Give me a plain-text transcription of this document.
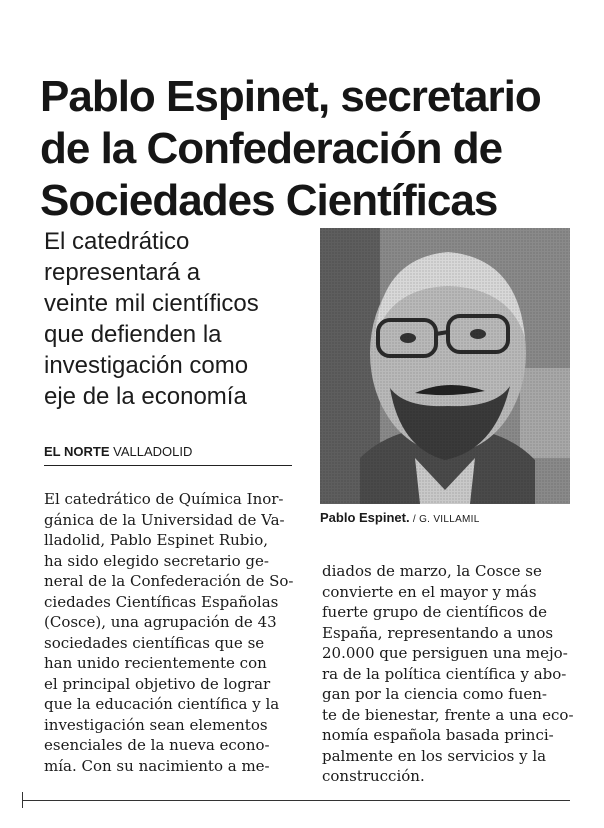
Pablo Espinet, secretario
de la Confederación de
Sociedades Científicas
El catedrático
representará a
veinte mil científicos
que defienden la
investigación como
eje de la economía
EL NORTE VALLADOLID
Pablo Espinet. / G. VILLAMIL
El catedrático de Química Inor-
gánica de la Universidad de Va-
lladolid, Pablo Espinet Rubio,
ha sido elegido secretario ge-
neral de la Confederación de So-
ciedades Científicas Españolas
(Cosce), una agrupación de 43
sociedades científicas que se
han unido recientemente con
el principal objetivo de lograr
que la educación científica y la
investigación sean elementos
esenciales de la nueva econo-
mía. Con su nacimiento a me-
diados de marzo, la Cosce se
convierte en el mayor y más
fuerte grupo de científicos de
España, representando a unos
20.000 que persiguen una mejo-
ra de la política científica y abo-
gan por la ciencia como fuen-
te de bienestar, frente a una eco-
nomía española basada princi-
palmente en los servicios y la
construcción.
